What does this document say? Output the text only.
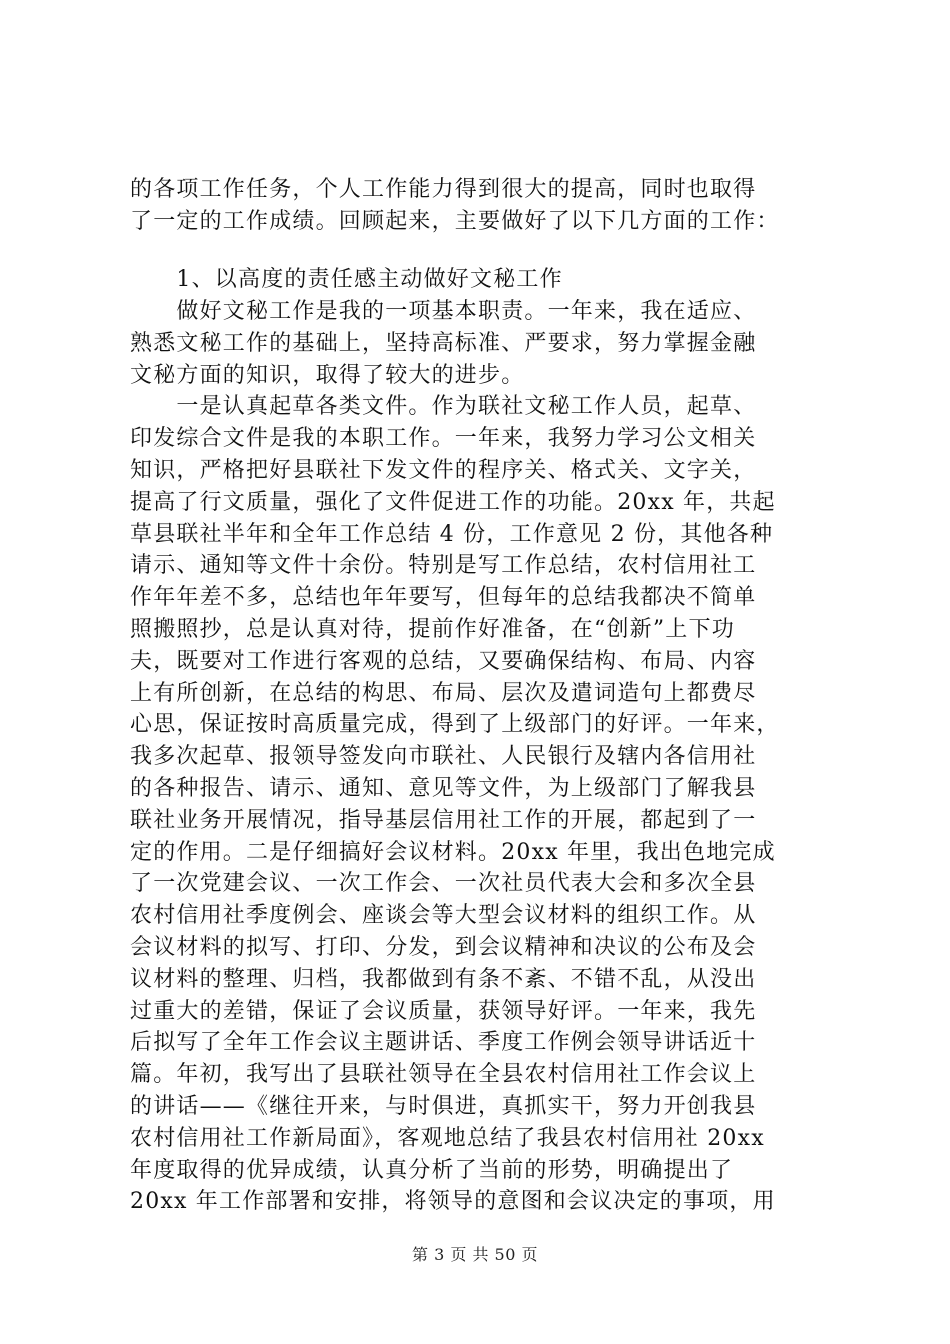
的各项工作任务，个人工作能力得到很大的提高，同时也取得
了一定的工作成绩。回顾起来，主要做好了以下几方面的工作：
　　1、以高度的责任感主动做好文秘工作
　　做好文秘工作是我的一项基本职责。一年来，我在适应、
熟悉文秘工作的基础上，坚持高标准、严要求，努力掌握金融
文秘方面的知识，取得了较大的进步。
　　一是认真起草各类文件。作为联社文秘工作人员，起草、
印发综合文件是我的本职工作。一年来，我努力学习公文相关
知识，严格把好县联社下发文件的程序关、格式关、文字关，
提高了行文质量，强化了文件促进工作的功能。20xx 年，共起
草县联社半年和全年工作总结 4 份，工作意见 2 份，其他各种
请示、通知等文件十余份。特别是写工作总结，农村信用社工
作年年差不多，总结也年年要写，但每年的总结我都决不简单
照搬照抄，总是认真对待，提前作好准备，在“创新”上下功
夫，既要对工作进行客观的总结，又要确保结构、布局、内容
上有所创新，在总结的构思、布局、层次及遣词造句上都费尽
心思，保证按时高质量完成，得到了上级部门的好评。一年来，
我多次起草、报领导签发向市联社、人民银行及辖内各信用社
的各种报告、请示、通知、意见等文件，为上级部门了解我县
联社业务开展情况，指导基层信用社工作的开展，都起到了一
定的作用。二是仔细搞好会议材料。20xx 年里，我出色地完成
了一次党建会议、一次工作会、一次社员代表大会和多次全县
农村信用社季度例会、座谈会等大型会议材料的组织工作。从
会议材料的拟写、打印、分发，到会议精神和决议的公布及会
议材料的整理、归档，我都做到有条不紊、不错不乱，从没出
过重大的差错，保证了会议质量，获领导好评。一年来，我先
后拟写了全年工作会议主题讲话、季度工作例会领导讲话近十
篇。年初，我写出了县联社领导在全县农村信用社工作会议上
的讲话——《继往开来，与时俱进，真抓实干，努力开创我县
农村信用社工作新局面》，客观地总结了我县农村信用社 20xx
年度取得的优异成绩，认真分析了当前的形势，明确提出了
20xx 年工作部署和安排，将领导的意图和会议决定的事项，用
第 3 页 共 50 页
